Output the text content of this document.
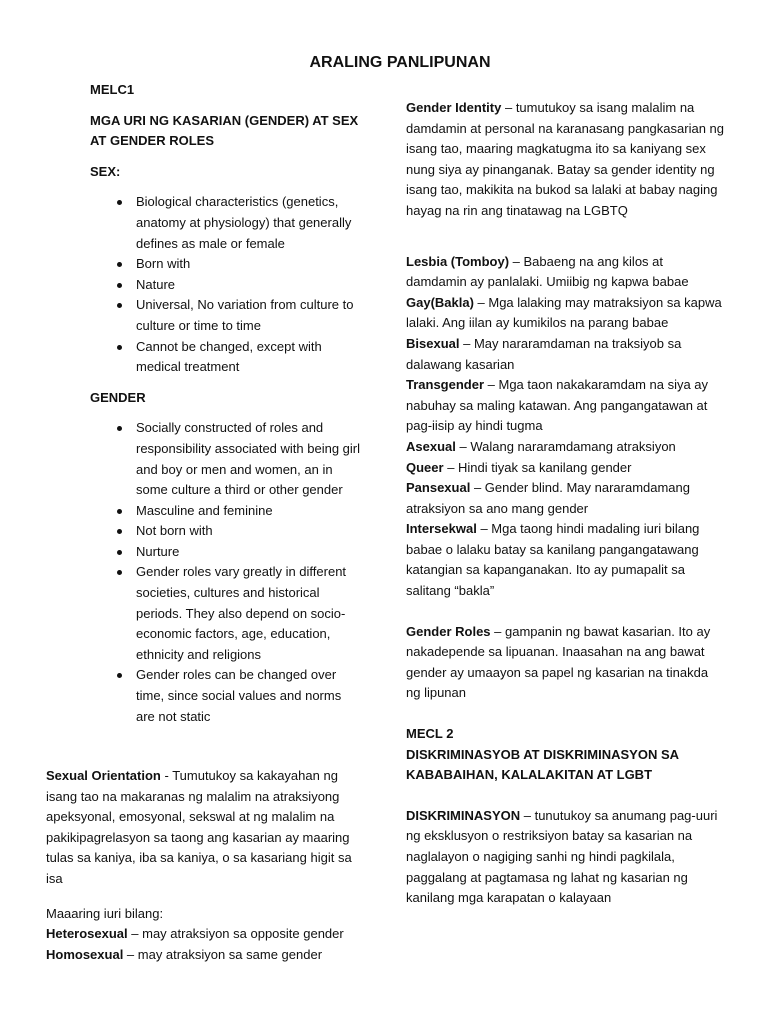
ARALING PANLIPUNAN

MELC1

MGA URI NG KASARIAN (GENDER) AT SEX AT GENDER ROLES

SEX:

Biological characteristics (genetics, anatomy at physiology) that generally defines as male or female
Born with
Nature
Universal, No variation from culture to culture or time to time
Cannot be changed, except with medical treatment

GENDER

Socially constructed of roles and responsibility associated with being girl and boy or men and women, an in some culture a third or other gender
Masculine and feminine
Not born with
Nurture
Gender roles vary greatly in different societies, cultures and historical periods. They also depend on socio-economic factors, age, education, ethnicity and religions
Gender roles can be changed over time, since social values and norms are not static

Sexual Orientation - Tumutukoy sa kakayahan ng isang tao na makaranas ng malalim na atraksiyong apeksyonal, emosyonal, sekswal at ng malalim na pakikipagrelasyon sa taong ang kasarian ay maaring tulas sa kaniya, iba sa kaniya, o sa kasariang higit sa isa

Maaaring iuri bilang:

Heterosexual – may atraksiyon sa opposite gender

Homosexual – may atraksiyon sa same gender

Gender Identity – tumutukoy sa isang malalim na damdamin at personal na karanasang pangkasarian ng isang tao, maaring magkatugma ito sa kaniyang sex nung siya ay pinanganak. Batay sa gender identity ng isang tao, makikita na bukod sa lalaki at babay naging hayag na rin ang tinatawag na LGBTQ

Lesbia (Tomboy) – Babaeng na ang kilos at damdamin ay panlalaki. Umiibig ng kapwa babae

Gay(Bakla) – Mga lalaking may matraksiyon sa kapwa lalaki. Ang iilan ay kumikilos na parang babae

Bisexual – May nararamdaman na traksiyob sa dalawang kasarian

Transgender – Mga taon nakakaramdam na siya ay nabuhay sa maling katawan. Ang pangangatawan at pag-iisip ay hindi tugma

Asexual – Walang nararamdamang atraksiyon

Queer – Hindi tiyak sa kanilang gender

Pansexual – Gender blind. May nararamdamang atraksiyon sa ano mang gender

Intersekwal – Mga taong hindi madaling iuri bilang babae o lalaku batay sa kanilang pangangatawang katangian sa kapanganakan. Ito ay pumapalit sa salitang “bakla”

Gender Roles – gampanin ng bawat kasarian. Ito ay nakadepende sa lipuanan. Inaasahan na ang bawat gender ay umaayon sa papel ng kasarian na tinakda ng lipunan

MECL 2

DISKRIMINASYOB AT DISKRIMINASYON SA KABABAIHAN, KALALAKITAN AT LGBT

DISKRIMINASYON – tunutukoy sa anumang pag-uuri ng eksklusyon o restriksiyon batay sa kasarian na naglalayon o nagiging sanhi ng hindi pagkilala, paggalang at pagtamasa ng lahat ng kasarian ng kanilang mga karapatan o kalayaan
